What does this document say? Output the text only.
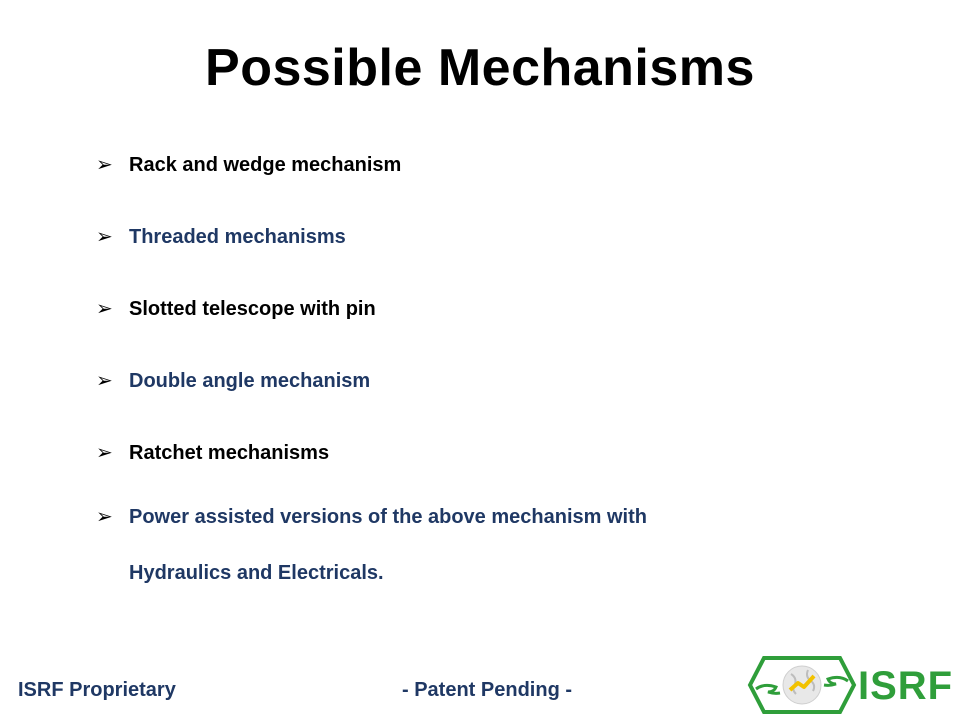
Possible Mechanisms
➢ Rack and wedge mechanism
➢ Threaded mechanisms
➢ Slotted telescope with pin
➢ Double angle mechanism
➢ Ratchet mechanisms
➢ Power assisted versions of the above mechanism with
Hydraulics and Electricals.
ISRF Proprietary	- Patent Pending -	ISRF
